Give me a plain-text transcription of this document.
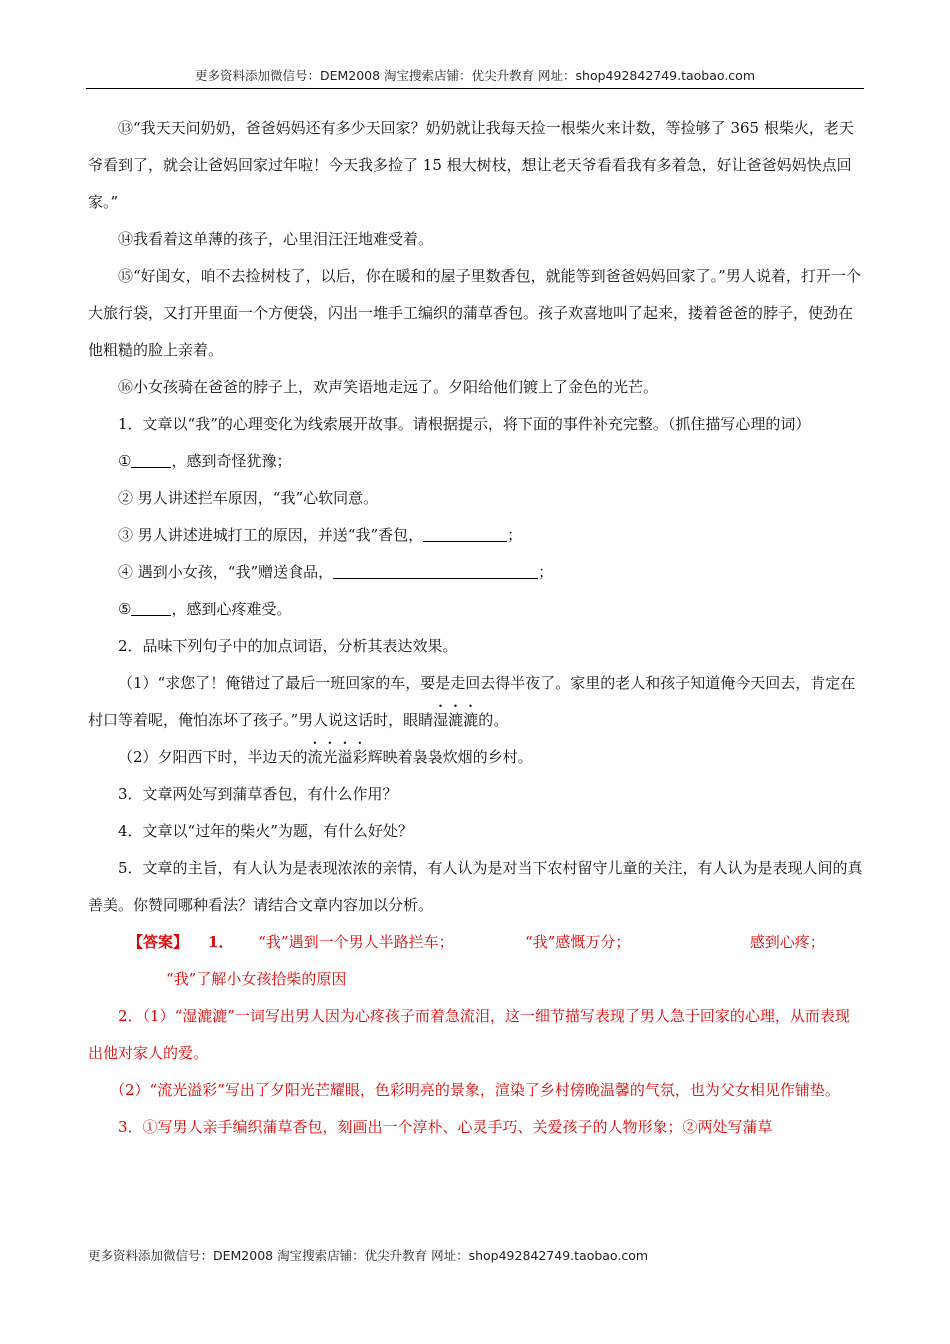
更多资料添加微信号：DEM2008 淘宝搜索店铺：优尖升教育 网址：shop492842749.taobao.com

⑬“我天天问奶奶，爸爸妈妈还有多少天回家？奶奶就让我每天捡一根柴火来计数，等捡够了 365 根柴火，老天爷看到了，就会让爸妈回家过年啦！今天我多捡了 15 根大树枝，想让老天爷看看我有多着急，好让爸爸妈妈快点回家。”

⑭我看着这单薄的孩子，心里泪汪汪地难受着。

⑮“好闺女，咱不去捡树枝了，以后，你在暖和的屋子里数香包，就能等到爸爸妈妈回家了。”男人说着，打开一个大旅行袋，又打开里面一个方便袋，闪出一堆手工编织的蒲草香包。孩子欢喜地叫了起来，搂着爸爸的脖子，使劲在他粗糙的脸上亲着。

⑯小女孩骑在爸爸的脖子上，欢声笑语地走远了。夕阳给他们镀上了金色的光芒。

1．文章以“我”的心理变化为线索展开故事。请根据提示，将下面的事件补充完整。（抓住描写心理的词）

①	，感到奇怪犹豫；

② 男人讲述拦车原因，“我”心软同意。

③ 男人讲述进城打工的原因，并送“我”香包，	；

④ 遇到小女孩，“我”赠送食品，	；

⑤	，感到心疼难受。

2．品味下列句子中的加点词语，分析其表达效果。

（1）“求您了！俺错过了最后一班回家的车，要是走回去得半夜了。家里的老人和孩子知道俺今天回去，肯定在村口等着呢，俺怕冻坏了孩子。”男人说这话时，眼睛湿漉漉的。

（2）夕阳西下时，半边天的流光溢彩辉映着袅袅炊烟的乡村。

3．文章两处写到蒲草香包，有什么作用？

4．文章以“过年的柴火”为题，有什么好处？

5．文章的主旨，有人认为是表现浓浓的亲情，有人认为是对当下农村留守儿童的关注，有人认为是表现人间的真善美。你赞同哪种看法？请结合文章内容加以分析。

【答案】 1． “我”遇到一个男人半路拦车；	“我”感慨万分；	感到心疼；

“我”了解小女孩拾柴的原因

2．（1）“湿漉漉”一词写出男人因为心疼孩子而着急流泪，这一细节描写表现了男人急于回家的心理，从而表现出他对家人的爱。

（2）“流光溢彩”写出了夕阳光芒耀眼，色彩明亮的景象，渲染了乡村傍晚温馨的气氛，也为父女相见作铺垫。

3．①写男人亲手编织蒲草香包，刻画出一个淳朴、心灵手巧、关爱孩子的人物形象；②两处写蒲草

更多资料添加微信号：DEM2008 淘宝搜索店铺：优尖升教育 网址：shop492842749.taobao.com
